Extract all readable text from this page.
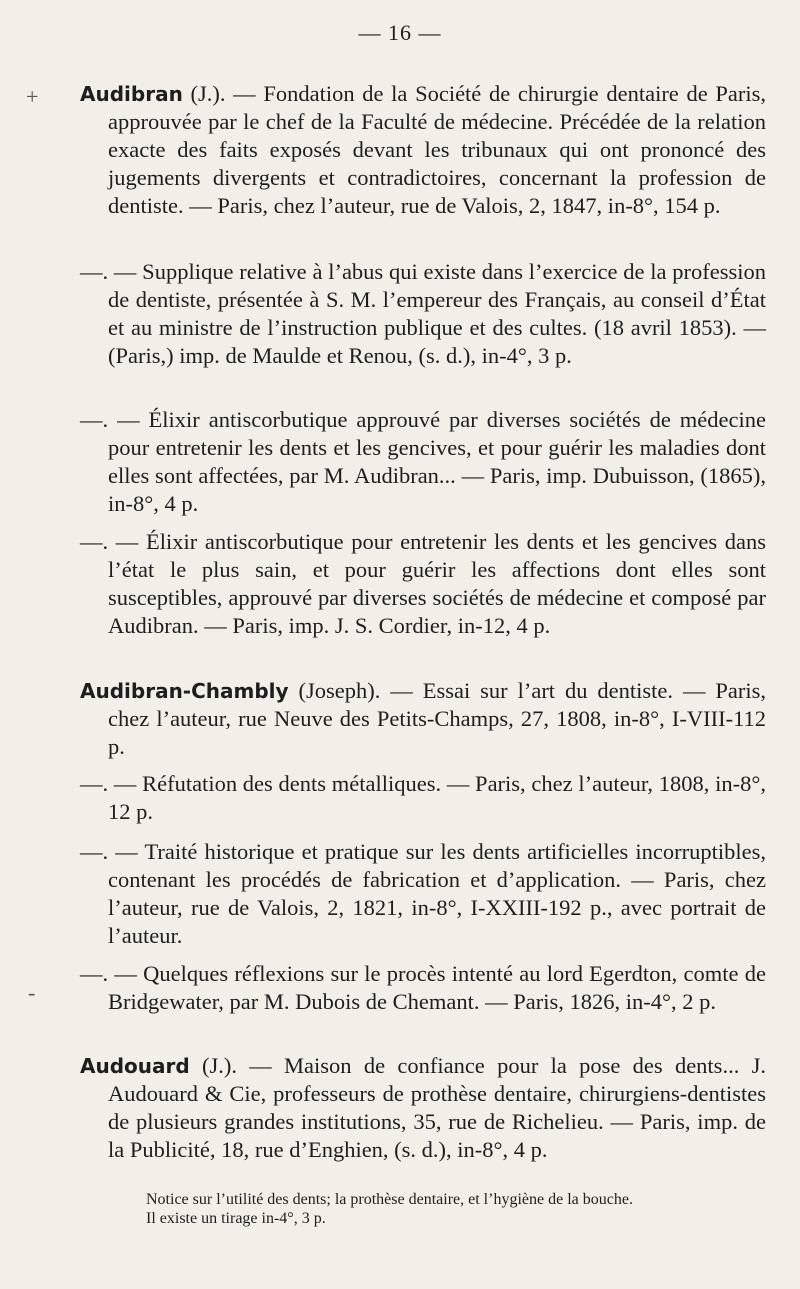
— 16 —
+
-

Audibran (J.). — Fondation de la Société de chirurgie dentaire de Paris, approuvée par le chef de la Faculté de médecine. Précédée de la relation exacte des faits exposés devant les tribunaux qui ont prononcé des jugements divergents et contradictoires, concernant la profession de dentiste. — Paris, chez l’auteur, rue de Valois, 2, 1847, in-8°, 154 p.

—. — Supplique relative à l’abus qui existe dans l’exercice de la profession de dentiste, présentée à S. M. l’empereur des Français, au conseil d’État et au ministre de l’instruction publique et des cultes. (18 avril 1853). — (Paris,) imp. de Maulde et Renou, (s. d.), in-4°, 3 p.

—. — Élixir antiscorbutique approuvé par diverses sociétés de médecine pour entretenir les dents et les gencives, et pour guérir les maladies dont elles sont affectées, par M. Audibran... — Paris, imp. Dubuisson, (1865), in-8°, 4 p.

—. — Élixir antiscorbutique pour entretenir les dents et les gencives dans l’état le plus sain, et pour guérir les affections dont elles sont susceptibles, approuvé par diverses sociétés de médecine et composé par Audibran. — Paris, imp. J. S. Cordier, in-12, 4 p.

Audibran-Chambly (Joseph). — Essai sur l’art du dentiste. — Paris, chez l’auteur, rue Neuve des Petits-Champs, 27, 1808, in-8°, I-VIII-112 p.

—. — Réfutation des dents métalliques. — Paris, chez l’auteur, 1808, in-8°, 12 p.

—. — Traité historique et pratique sur les dents artificielles incorruptibles, contenant les procédés de fabrication et d’application. — Paris, chez l’auteur, rue de Valois, 2, 1821, in-8°, I-XXIII-192 p., avec portrait de l’auteur.

—. — Quelques réflexions sur le procès intenté au lord Egerdton, comte de Bridgewater, par M. Dubois de Chemant. — Paris, 1826, in-4°, 2 p.

Audouard (J.). — Maison de confiance pour la pose des dents... J. Audouard & Cie, professeurs de prothèse dentaire, chirurgiens-dentistes de plusieurs grandes institutions, 35, rue de Richelieu. — Paris, imp. de la Publicité, 18, rue d’Enghien, (s. d.), in-8°, 4 p.

Notice sur l’utilité des dents; la prothèse dentaire, et l’hygiène de la bouche.

Il existe un tirage in-4°, 3 p.
